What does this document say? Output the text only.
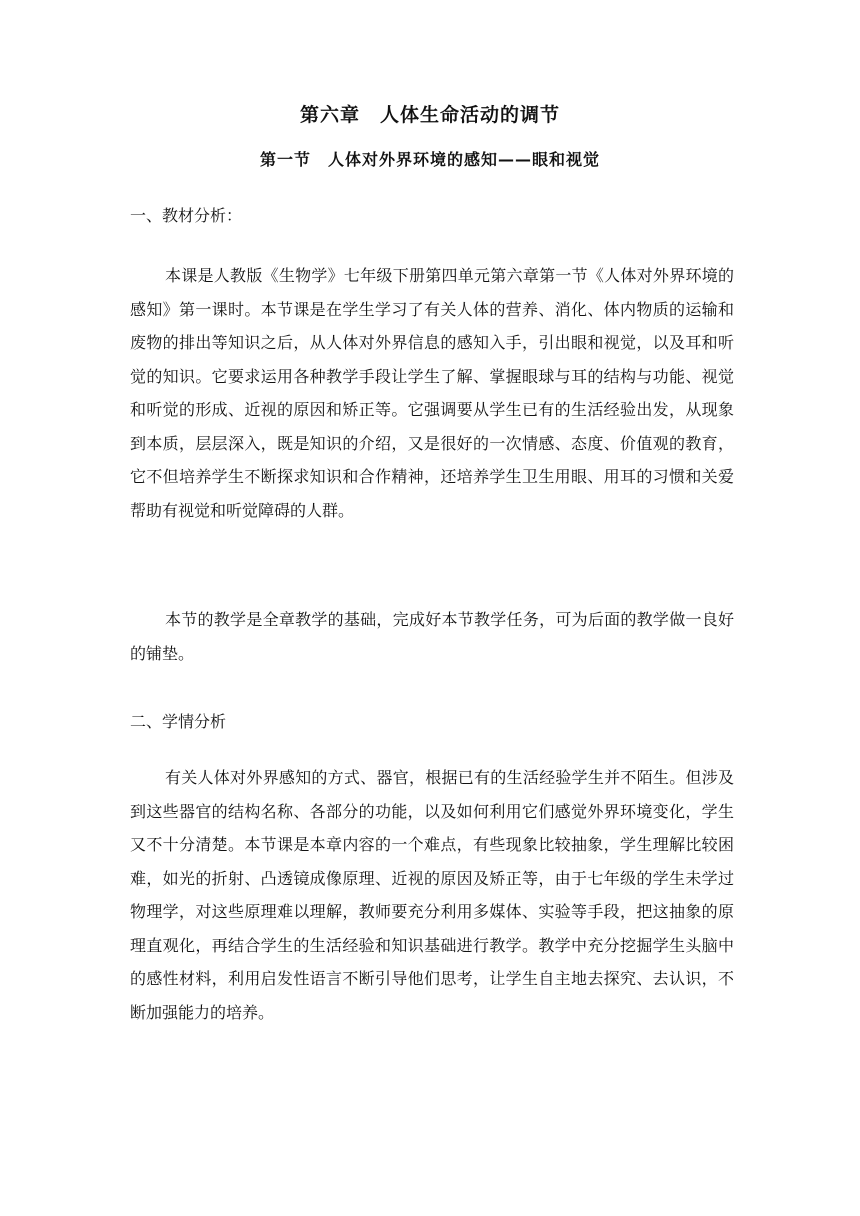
第六章　人体生命活动的调节
第一节　人体对外界环境的感知——眼和视觉
一、教材分析：

本课是人教版《生物学》七年级下册第四单元第六章第一节《人体对外界环境的感知》第一课时。本节课是在学生学习了有关人体的营养、消化、体内物质的运输和废物的排出等知识之后，从人体对外界信息的感知入手，引出眼和视觉，以及耳和听觉的知识。它要求运用各种教学手段让学生了解、掌握眼球与耳的结构与功能、视觉和听觉的形成、近视的原因和矫正等。它强调要从学生已有的生活经验出发，从现象到本质，层层深入，既是知识的介绍，又是很好的一次情感、态度、价值观的教育，它不但培养学生不断探求知识和合作精神，还培养学生卫生用眼、用耳的习惯和关爱帮助有视觉和听觉障碍的人群。

本节的教学是全章教学的基础，完成好本节教学任务，可为后面的教学做一良好的铺垫。

二、学情分析

有关人体对外界感知的方式、器官，根据已有的生活经验学生并不陌生。但涉及到这些器官的结构名称、各部分的功能，以及如何利用它们感觉外界环境变化，学生又不十分清楚。本节课是本章内容的一个难点，有些现象比较抽象，学生理解比较困难，如光的折射、凸透镜成像原理、近视的原因及矫正等，由于七年级的学生未学过物理学，对这些原理难以理解，教师要充分利用多媒体、实验等手段，把这抽象的原理直观化，再结合学生的生活经验和知识基础进行教学。教学中充分挖掘学生头脑中的感性材料，利用启发性语言不断引导他们思考，让学生自主地去探究、去认识，不断加强能力的培养。
